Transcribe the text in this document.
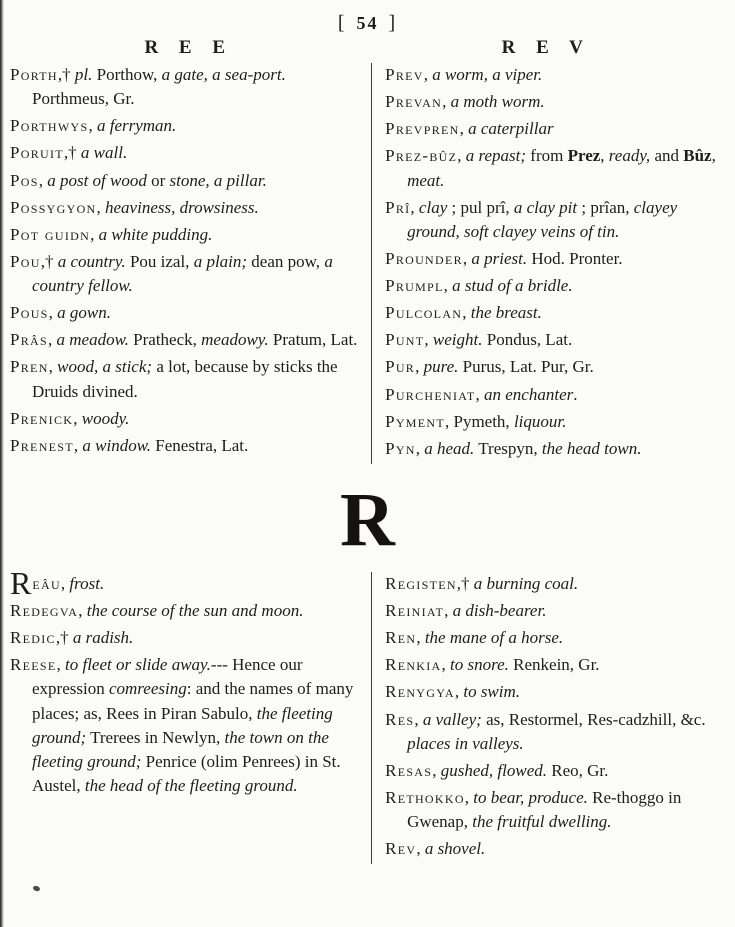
[ 54 ]
R E E	R E V

Porth,† pl. Porthow, a gate, a sea-port. Porthmeus, Gr.

Porthwys, a ferryman.

Poruit,† a wall.

Pos, a post of wood or stone, a pillar.

Possygyon, heaviness, drowsiness.

Pot guidn, a white pudding.

Pou,† a country. Pou izal, a plain; dean pow, a country fellow.

Pous, a gown.

Prâs, a meadow. Pratheck, meadowy. Pratum, Lat.

Pren, wood, a stick; a lot, because by sticks the Druids divined.

Prenick, woody.

Prenest, a window. Fenestra, Lat.

Prev, a worm, a viper.

Prevan, a moth worm.

Prevpren, a caterpillar

Prez-bûz, a repast; from Prez, ready, and Bûz, meat.

Prî, clay ; pul prî, a clay pit ; prîan, clayey ground, soft clayey veins of tin.

Prounder, a priest. Hod. Pronter.

Prumpl, a stud of a bridle.

Pulcolan, the breast.

Punt, weight. Pondus, Lat.

Pur, pure. Purus, Lat. Pur, Gr.

Purcheniat, an enchanter.

Pyment, Pymeth, liquour.

Pyn, a head. Trespyn, the head town.

R

Reâu, frost.

Redegva, the course of the sun and moon.

Redic,† a radish.

Reese, to fleet or slide away.--- Hence our expression comreesing: and the names of many places; as, Rees in Piran Sabulo, the fleeting ground; Trerees in Newlyn, the town on the fleeting ground; Penrice (olim Penrees) in St. Austel, the head of the fleeting ground.

Registen,† a burning coal.

Reiniat, a dish-bearer.

Ren, the mane of a horse.

Renkia, to snore. Renkein, Gr.

Renygya, to swim.

Res, a valley; as, Restormel, Res-cadzhill, &c. places in valleys.

Resas, gushed, flowed. Reo, Gr.

Rethokko, to bear, produce. Re-thoggo in Gwenap, the fruitful dwelling.

Rev, a shovel.
